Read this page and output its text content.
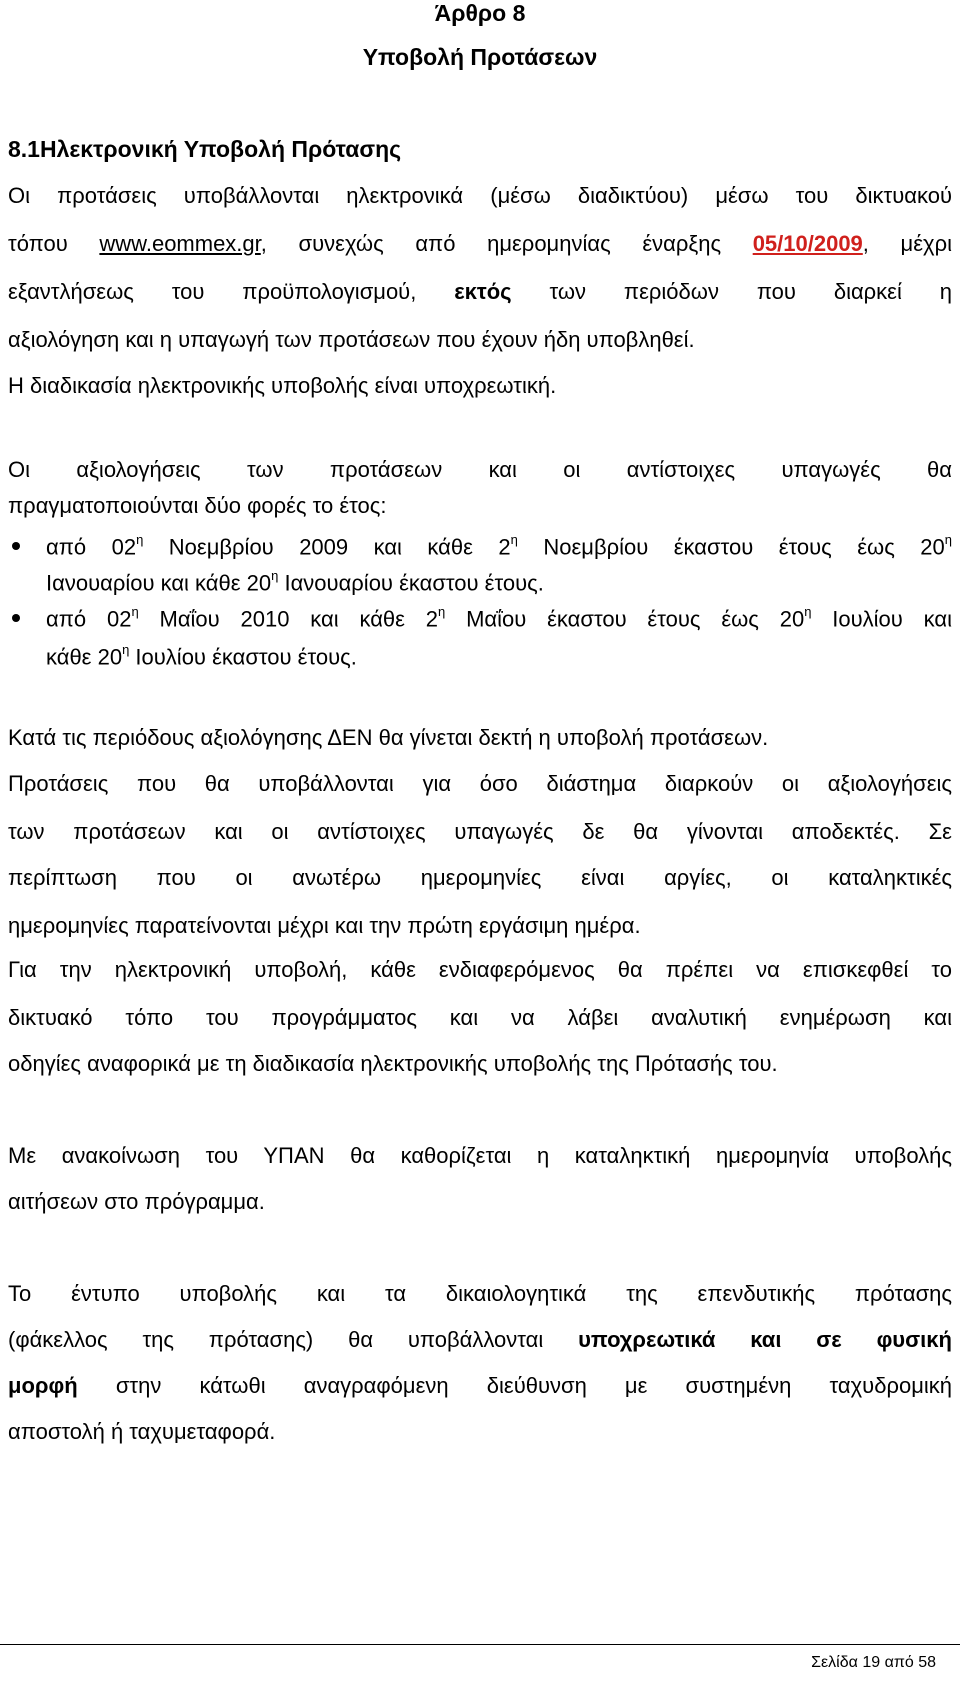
Άρθρο 8
Υποβολή Προτάσεων
8.1Ηλεκτρονική Υποβολή Πρότασης
Οι προτάσεις υποβάλλονται ηλεκτρονικά (μέσω διαδικτύου) μέσω του δικτυακού
τόπου www.eommex.gr, συνεχώς από ημερομηνίας έναρξης 05/10/2009, μέχρι
εξαντλήσεως του προϋπολογισμού, εκτός των περιόδων που διαρκεί η
αξιολόγηση και η υπαγωγή των προτάσεων που έχουν ήδη υποβληθεί.
Η διαδικασία ηλεκτρονικής υποβολής είναι υποχρεωτική.
Οι αξιολογήσεις των προτάσεων και οι αντίστοιχες υπαγωγές θα
πραγματοποιούνται δύο φορές το έτος:
από $02^\eta$ Νοεμβρίου 2009 και κάθε $2^\eta$ Νοεμβρίου έκαστου έτους έως $20^\eta$
Ιανουαρίου και κάθε $20^\eta$ Ιανουαρίου έκαστου έτους.
από $02^\eta$ Μαΐου 2010 και κάθε $2^\eta$ Μαΐου έκαστου έτους έως $20^\eta$ Ιουλίου και
κάθε $20^\eta$ Ιουλίου έκαστου έτους.
Κατά τις περιόδους αξιολόγησης ΔΕΝ θα γίνεται δεκτή η υποβολή προτάσεων.
Προτάσεις που θα υποβάλλονται για όσο διάστημα διαρκούν οι αξιολογήσεις
των προτάσεων και οι αντίστοιχες υπαγωγές δε θα γίνονται αποδεκτές. Σε
περίπτωση που οι ανωτέρω ημερομηνίες είναι αργίες, οι καταληκτικές
ημερομηνίες παρατείνονται μέχρι και την πρώτη εργάσιμη ημέρα.
Για την ηλεκτρονική υποβολή, κάθε ενδιαφερόμενος θα πρέπει να επισκεφθεί το
δικτυακό τόπο του προγράμματος και να λάβει αναλυτική ενημέρωση και
οδηγίες αναφορικά με τη διαδικασία ηλεκτρονικής υποβολής της Πρότασής του.
Με ανακοίνωση του ΥΠΑΝ θα καθορίζεται η καταληκτική ημερομηνία υποβολής
αιτήσεων στο πρόγραμμα.
Το έντυπο υποβολής και τα δικαιολογητικά της επενδυτικής πρότασης
(φάκελλος της πρότασης) θα υποβάλλονται υποχρεωτικά και σε φυσική
μορφή στην κάτωθι αναγραφόμενη διεύθυνση με συστημένη ταχυδρομική
αποστολή ή ταχυμεταφορά.
Σελίδα 19 από 58
